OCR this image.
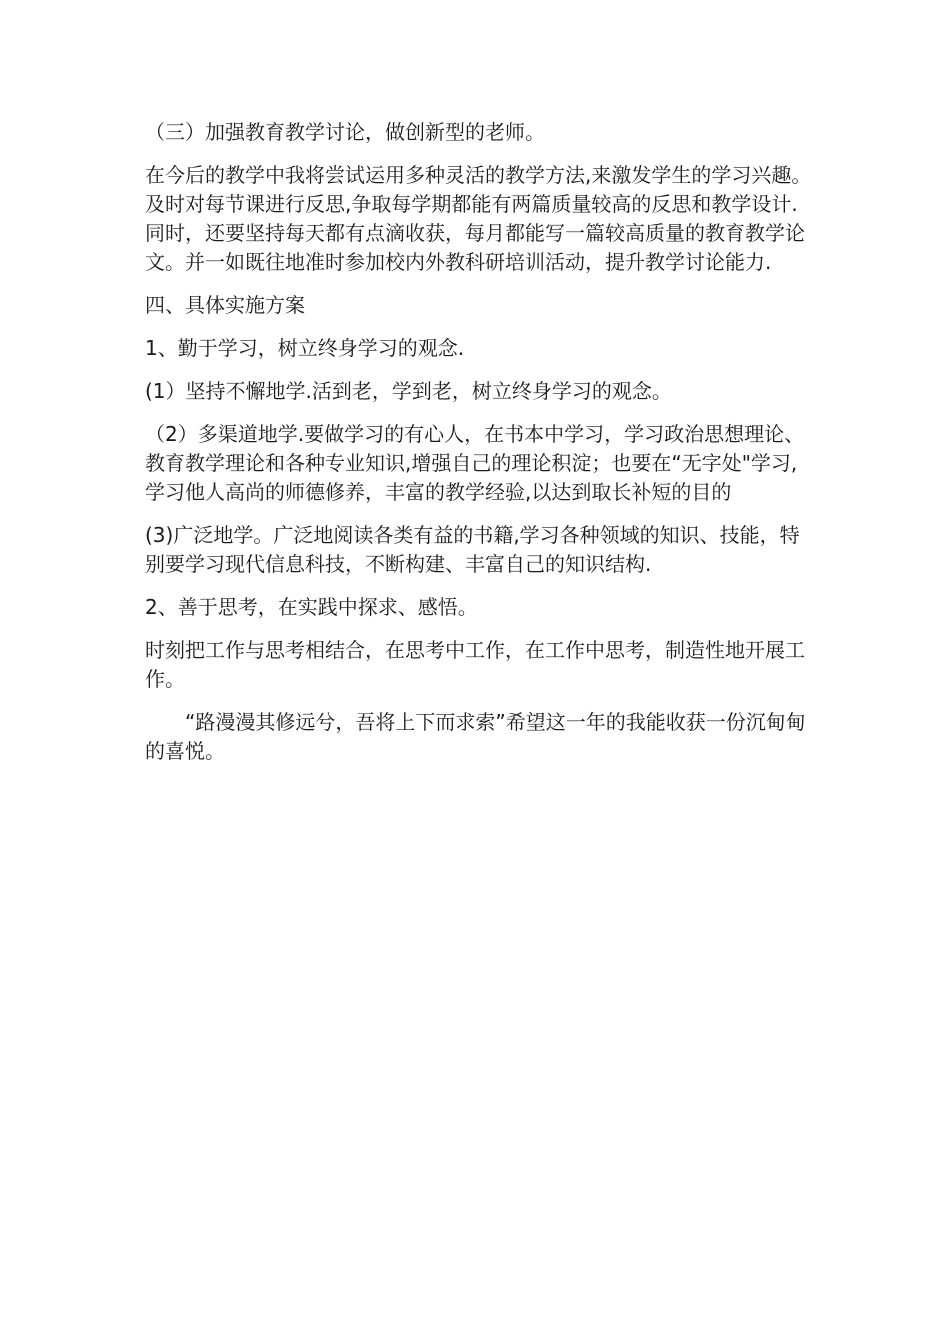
（三）加强教育教学讨论，做创新型的老师。

在今后的教学中我将尝试运用多种灵活的教学方法,来激发学生的学习兴趣。及时对每节课进行反思,争取每学期都能有两篇质量较高的反思和教学设计.同时，还要坚持每天都有点滴收获，每月都能写一篇较高质量的教育教学论文。并一如既往地准时参加校内外教科研培训活动，提升教学讨论能力.

四、具体实施方案

1、勤于学习，树立终身学习的观念.

(1）坚持不懈地学.活到老，学到老，树立终身学习的观念。

（2）多渠道地学.要做学习的有心人，在书本中学习，学习政治思想理论、教育教学理论和各种专业知识,增强自己的理论积淀；也要在“无字处"学习,学习他人高尚的师德修养，丰富的教学经验,以达到取长补短的目的

(3)广泛地学。广泛地阅读各类有益的书籍,学习各种领域的知识、技能，特别要学习现代信息科技，不断构建、丰富自己的知识结构.

2、善于思考，在实践中探求、感悟。

时刻把工作与思考相结合，在思考中工作，在工作中思考，制造性地开展工作。

“路漫漫其修远兮，吾将上下而求索”希望这一年的我能收获一份沉甸甸的喜悦。
